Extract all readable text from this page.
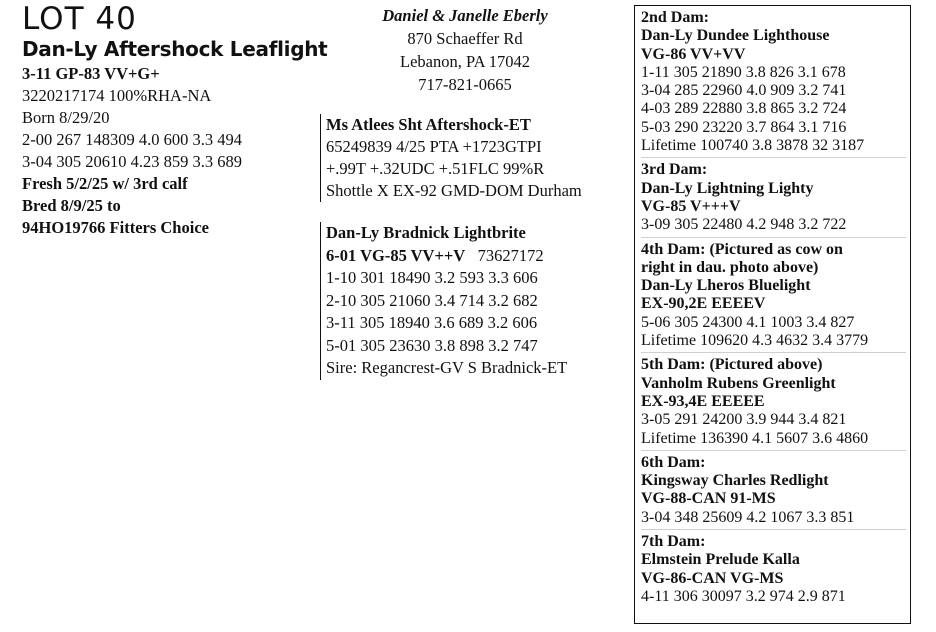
LOT 40
Dan-Ly Aftershock Leaflight
3-11 GP-83 VV+G+
3220217174 100%RHA-NA
Born 8/29/20
2-00 267 148309 4.0 600 3.3 494
3-04 305 20610 4.23 859 3.3 689
Fresh 5/2/25 w/ 3rd calf
Bred 8/9/25 to
94HO19766 Fitters Choice
Daniel & Janelle Eberly
870 Schaeffer Rd
Lebanon, PA 17042
717-821-0665
Ms Atlees Sht Aftershock-ET
65249839 4/25 PTA +1723GTPI
+.99T +.32UDC +.51FLC 99%R
Shottle X EX-92 GMD-DOM Durham
Dan-Ly Bradnick Lightbrite
6-01 VG-85 VV++V 73627172
1-10 301 18490 3.2 593 3.3 606
2-10 305 21060 3.4 714 3.2 682
3-11 305 18940 3.6 689 3.2 606
5-01 305 23630 3.8 898 3.2 747
Sire: Regancrest-GV S Bradnick-ET
2nd Dam:
Dan-Ly Dundee Lighthouse
VG-86 VV+VV
1-11 305 21890 3.8 826 3.1 678
3-04 285 22960 4.0 909 3.2 741
4-03 289 22880 3.8 865 3.2 724
5-03 290 23220 3.7 864 3.1 716
Lifetime 100740 3.8 3878 32 3187
3rd Dam:
Dan-Ly Lightning Lighty
VG-85 V+++V
3-09 305 22480 4.2 948 3.2 722
4th Dam: (Pictured as cow on
right in dau. photo above)
Dan-Ly Lheros Bluelight
EX-90,2E EEEEV
5-06 305 24300 4.1 1003 3.4 827
Lifetime 109620 4.3 4632 3.4 3779
5th Dam: (Pictured above)
Vanholm Rubens Greenlight
EX-93,4E EEEEE
3-05 291 24200 3.9 944 3.4 821
Lifetime 136390 4.1 5607 3.6 4860
6th Dam:
Kingsway Charles Redlight
VG-88-CAN 91-MS
3-04 348 25609 4.2 1067 3.3 851
7th Dam:
Elmstein Prelude Kalla
VG-86-CAN VG-MS
4-11 306 30097 3.2 974 2.9 871
